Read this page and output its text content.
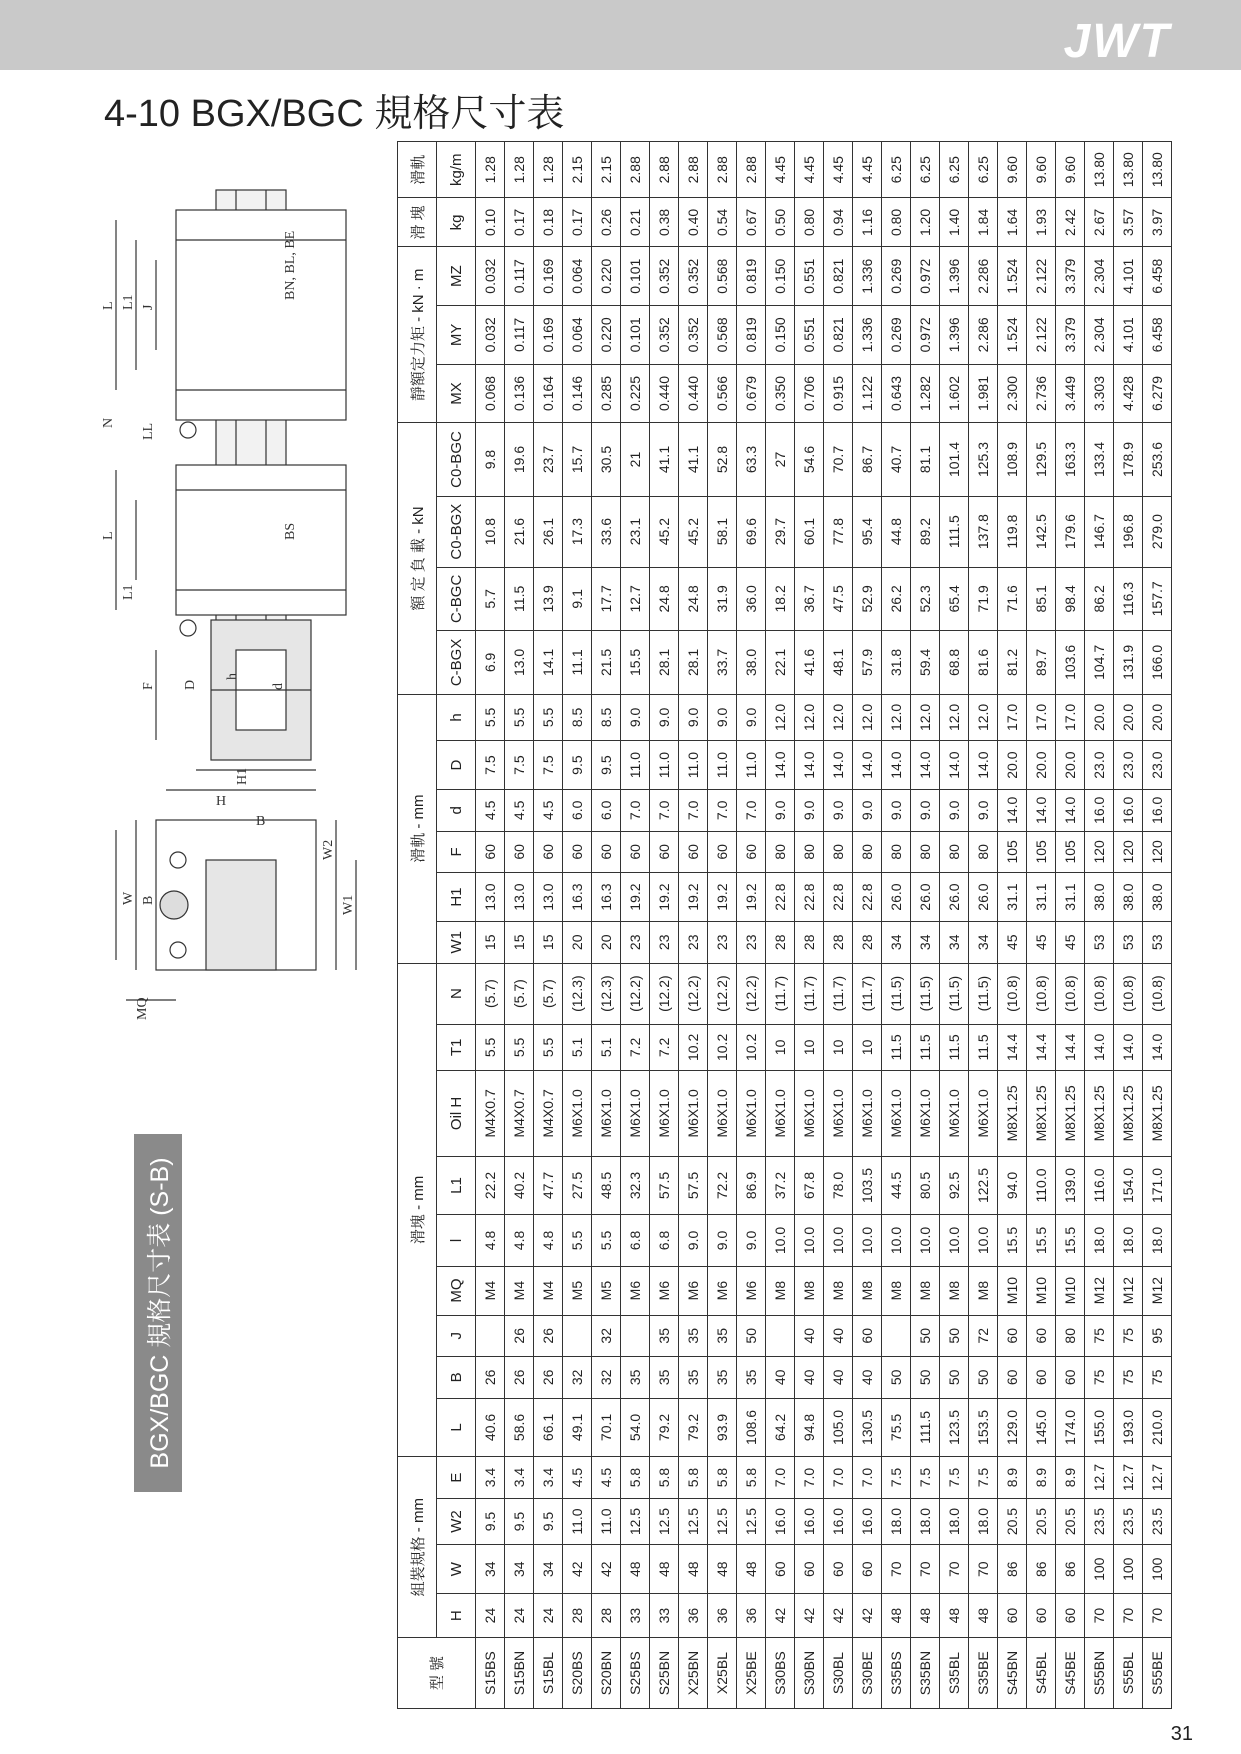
JWT
4-10 BGX/BGC 規格尺寸表
BN, BL, BE
BS
L L1 J
N LL
L
L1
F D
h
d
H1
H
B
W B
W2
W1
MQ
BGX/BGC 規格尺寸表 (S-B)
型 號	組裝規格 - mm				滑塊 - mm									滑軌 - mm						額 定 負 載 - kN				靜額定力矩 - kN · m			滑 塊	滑軌
	H	W	W2	E	L	B	J	MQ	l	L1	Oil H	T1	N	W1	H1	F	d	D	h	C-BGX	C-BGC	C0-BGX	C0-BGC	MX	MY	MZ	kg	kg/m
S15BS	24	34	9.5	3.4	40.6	26		M4	4.8	22.2	M4X0.7	5.5	(5.7)	15	13.0	60	4.5	7.5	5.5	6.9	5.7	10.8	9.8	0.068	0.032	0.032	0.10	1.28
S15BN	24	34	9.5	3.4	58.6	26	26	M4	4.8	40.2	M4X0.7	5.5	(5.7)	15	13.0	60	4.5	7.5	5.5	13.0	11.5	21.6	19.6	0.136	0.117	0.117	0.17	1.28
S15BL	24	34	9.5	3.4	66.1	26	26	M4	4.8	47.7	M4X0.7	5.5	(5.7)	15	13.0	60	4.5	7.5	5.5	14.1	13.9	26.1	23.7	0.164	0.169	0.169	0.18	1.28
S20BS	28	42	11.0	4.5	49.1	32		M5	5.5	27.5	M6X1.0	5.1	(12.3)	20	16.3	60	6.0	9.5	8.5	11.1	9.1	17.3	15.7	0.146	0.064	0.064	0.17	2.15
S20BN	28	42	11.0	4.5	70.1	32	32	M5	5.5	48.5	M6X1.0	5.1	(12.3)	20	16.3	60	6.0	9.5	8.5	21.5	17.7	33.6	30.5	0.285	0.220	0.220	0.26	2.15
S25BS	33	48	12.5	5.8	54.0	35		M6	6.8	32.3	M6X1.0	7.2	(12.2)	23	19.2	60	7.0	11.0	9.0	15.5	12.7	23.1	21	0.225	0.101	0.101	0.21	2.88
S25BN	33	48	12.5	5.8	79.2	35	35	M6	6.8	57.5	M6X1.0	7.2	(12.2)	23	19.2	60	7.0	11.0	9.0	28.1	24.8	45.2	41.1	0.440	0.352	0.352	0.38	2.88
X25BN	36	48	12.5	5.8	79.2	35	35	M6	9.0	57.5	M6X1.0	10.2	(12.2)	23	19.2	60	7.0	11.0	9.0	28.1	24.8	45.2	41.1	0.440	0.352	0.352	0.40	2.88
X25BL	36	48	12.5	5.8	93.9	35	35	M6	9.0	72.2	M6X1.0	10.2	(12.2)	23	19.2	60	7.0	11.0	9.0	33.7	31.9	58.1	52.8	0.566	0.568	0.568	0.54	2.88
X25BE	36	48	12.5	5.8	108.6	35	50	M6	9.0	86.9	M6X1.0	10.2	(12.2)	23	19.2	60	7.0	11.0	9.0	38.0	36.0	69.6	63.3	0.679	0.819	0.819	0.67	2.88
S30BS	42	60	16.0	7.0	64.2	40		M8	10.0	37.2	M6X1.0	10	(11.7)	28	22.8	80	9.0	14.0	12.0	22.1	18.2	29.7	27	0.350	0.150	0.150	0.50	4.45
S30BN	42	60	16.0	7.0	94.8	40	40	M8	10.0	67.8	M6X1.0	10	(11.7)	28	22.8	80	9.0	14.0	12.0	41.6	36.7	60.1	54.6	0.706	0.551	0.551	0.80	4.45
S30BL	42	60	16.0	7.0	105.0	40	40	M8	10.0	78.0	M6X1.0	10	(11.7)	28	22.8	80	9.0	14.0	12.0	48.1	47.5	77.8	70.7	0.915	0.821	0.821	0.94	4.45
S30BE	42	60	16.0	7.0	130.5	40	60	M8	10.0	103.5	M6X1.0	10	(11.7)	28	22.8	80	9.0	14.0	12.0	57.9	52.9	95.4	86.7	1.122	1.336	1.336	1.16	4.45
S35BS	48	70	18.0	7.5	75.5	50		M8	10.0	44.5	M6X1.0	11.5	(11.5)	34	26.0	80	9.0	14.0	12.0	31.8	26.2	44.8	40.7	0.643	0.269	0.269	0.80	6.25
S35BN	48	70	18.0	7.5	111.5	50	50	M8	10.0	80.5	M6X1.0	11.5	(11.5)	34	26.0	80	9.0	14.0	12.0	59.4	52.3	89.2	81.1	1.282	0.972	0.972	1.20	6.25
S35BL	48	70	18.0	7.5	123.5	50	50	M8	10.0	92.5	M6X1.0	11.5	(11.5)	34	26.0	80	9.0	14.0	12.0	68.8	65.4	111.5	101.4	1.602	1.396	1.396	1.40	6.25
S35BE	48	70	18.0	7.5	153.5	50	72	M8	10.0	122.5	M6X1.0	11.5	(11.5)	34	26.0	80	9.0	14.0	12.0	81.6	71.9	137.8	125.3	1.981	2.286	2.286	1.84	6.25
S45BN	60	86	20.5	8.9	129.0	60	60	M10	15.5	94.0	M8X1.25	14.4	(10.8)	45	31.1	105	14.0	20.0	17.0	81.2	71.6	119.8	108.9	2.300	1.524	1.524	1.64	9.60
S45BL	60	86	20.5	8.9	145.0	60	60	M10	15.5	110.0	M8X1.25	14.4	(10.8)	45	31.1	105	14.0	20.0	17.0	89.7	85.1	142.5	129.5	2.736	2.122	2.122	1.93	9.60
S45BE	60	86	20.5	8.9	174.0	60	80	M10	15.5	139.0	M8X1.25	14.4	(10.8)	45	31.1	105	14.0	20.0	17.0	103.6	98.4	179.6	163.3	3.449	3.379	3.379	2.42	9.60
S55BN	70	100	23.5	12.7	155.0	75	75	M12	18.0	116.0	M8X1.25	14.0	(10.8)	53	38.0	120	16.0	23.0	20.0	104.7	86.2	146.7	133.4	3.303	2.304	2.304	2.67	13.80
S55BL	70	100	23.5	12.7	193.0	75	75	M12	18.0	154.0	M8X1.25	14.0	(10.8)	53	38.0	120	16.0	23.0	20.0	131.9	116.3	196.8	178.9	4.428	4.101	4.101	3.57	13.80
S55BE	70	100	23.5	12.7	210.0	75	95	M12	18.0	171.0	M8X1.25	14.0	(10.8)	53	38.0	120	16.0	23.0	20.0	166.0	157.7	279.0	253.6	6.279	6.458	6.458	3.97	13.80
31
